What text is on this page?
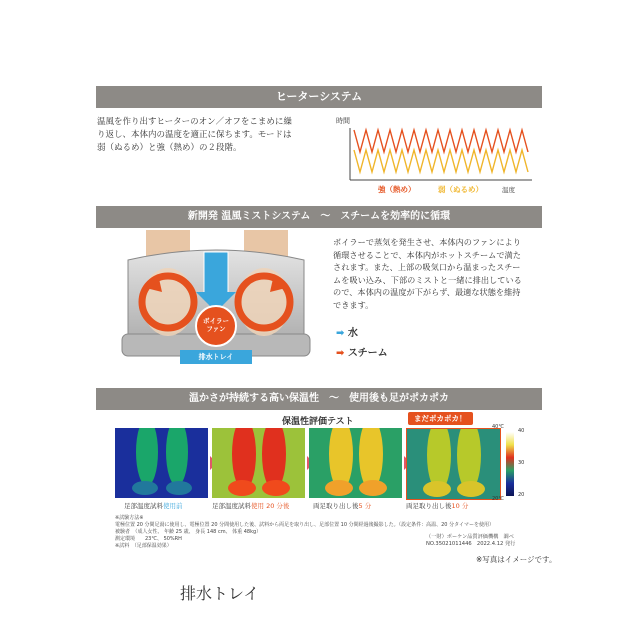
ヒーターシステム
温風を作り出すヒーターのオン／オフをこまめに繰
り返し、本体内の温度を適正に保ちます。モードは
弱（ぬるめ）と強（熱め）の２段階。
時間
強（熱め）	弱（ぬるめ）	温度
新開発 温風ミストシステム　～　スチームを効率的に循環
ボイラー
ファン
排水トレイ
排水トレイ
ボイラーで蒸気を発生させ、本体内のファンにより
循環させることで、本体内がホットスチームで満た
されます。また、上部の吸気口から温まったスチー
ムを吸い込み、下部のミストと一緒に排出している
ので、本体内の温度が下がらず、最適な状態を維持
できます。
➡ 水
➡ スチーム
温かさが持続する高い保温性　～　使用後も足がポカポカ
保温性評価テスト	まだポカポカ！
40℃
40
30
20
20℃
足部温度試料使用前	足部温度試料使用 20 分後	両足取り出し後5 分	両足取り出し後10 分
※試験方法※
電極位置 20 分間足湯に使用し、電極位置 20 分間使用した後、試料から両足を取り出し、足部位置 10 分間経過後撮影した。（設定条件：高温、20 分タイマーを使用）
被験者　（成人女性、 年齢 25 歳、 身長 148 cm、 体重 48kg）
測定環境　　23℃、 50%RH
※試料　（足部保温効果）
（一財）ボーケン品質評価機構　調べ
NO.35021011446　2022.4.12 発行
※写真はイメージです。
